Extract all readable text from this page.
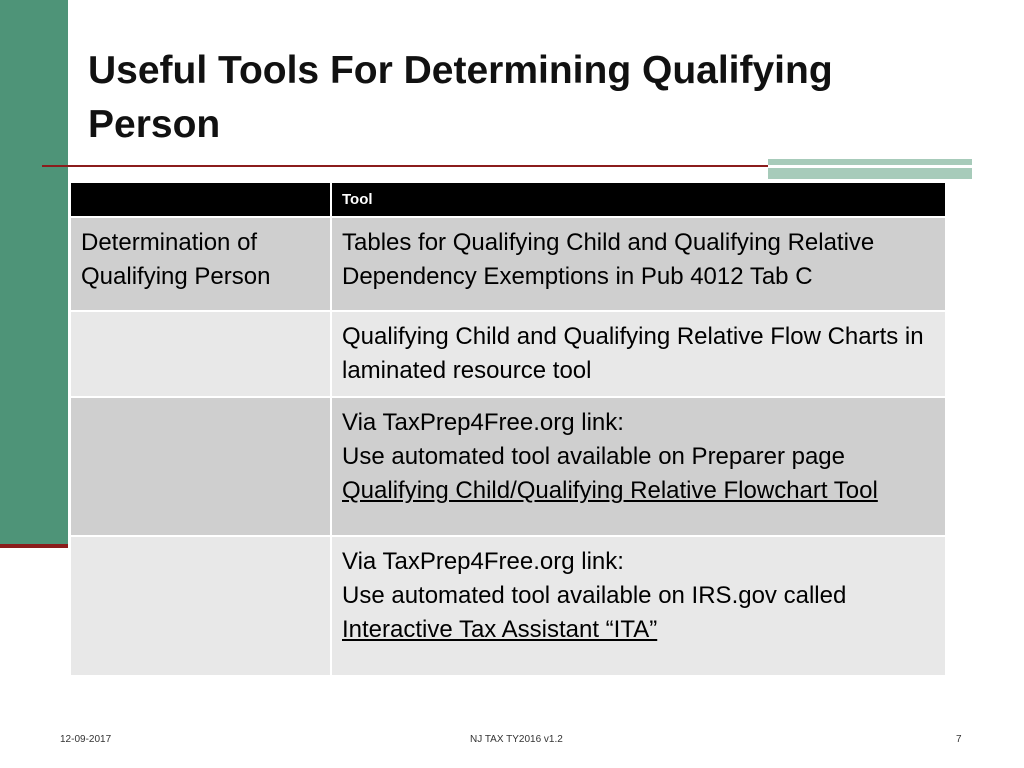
Useful Tools For Determining Qualifying Person
Tool
Determination of Qualifying Person
Tables for Qualifying Child and Qualifying Relative Dependency Exemptions in Pub 4012 Tab C
Qualifying Child and Qualifying Relative Flow Charts in laminated resource tool
Via TaxPrep4Free.org link:
Use automated tool available on Preparer page
Qualifying Child/Qualifying Relative Flowchart Tool
Via TaxPrep4Free.org link:
Use automated tool available on IRS.gov called
Interactive Tax Assistant “ITA”
12-09-2017	NJ TAX TY2016 v1.2	7
